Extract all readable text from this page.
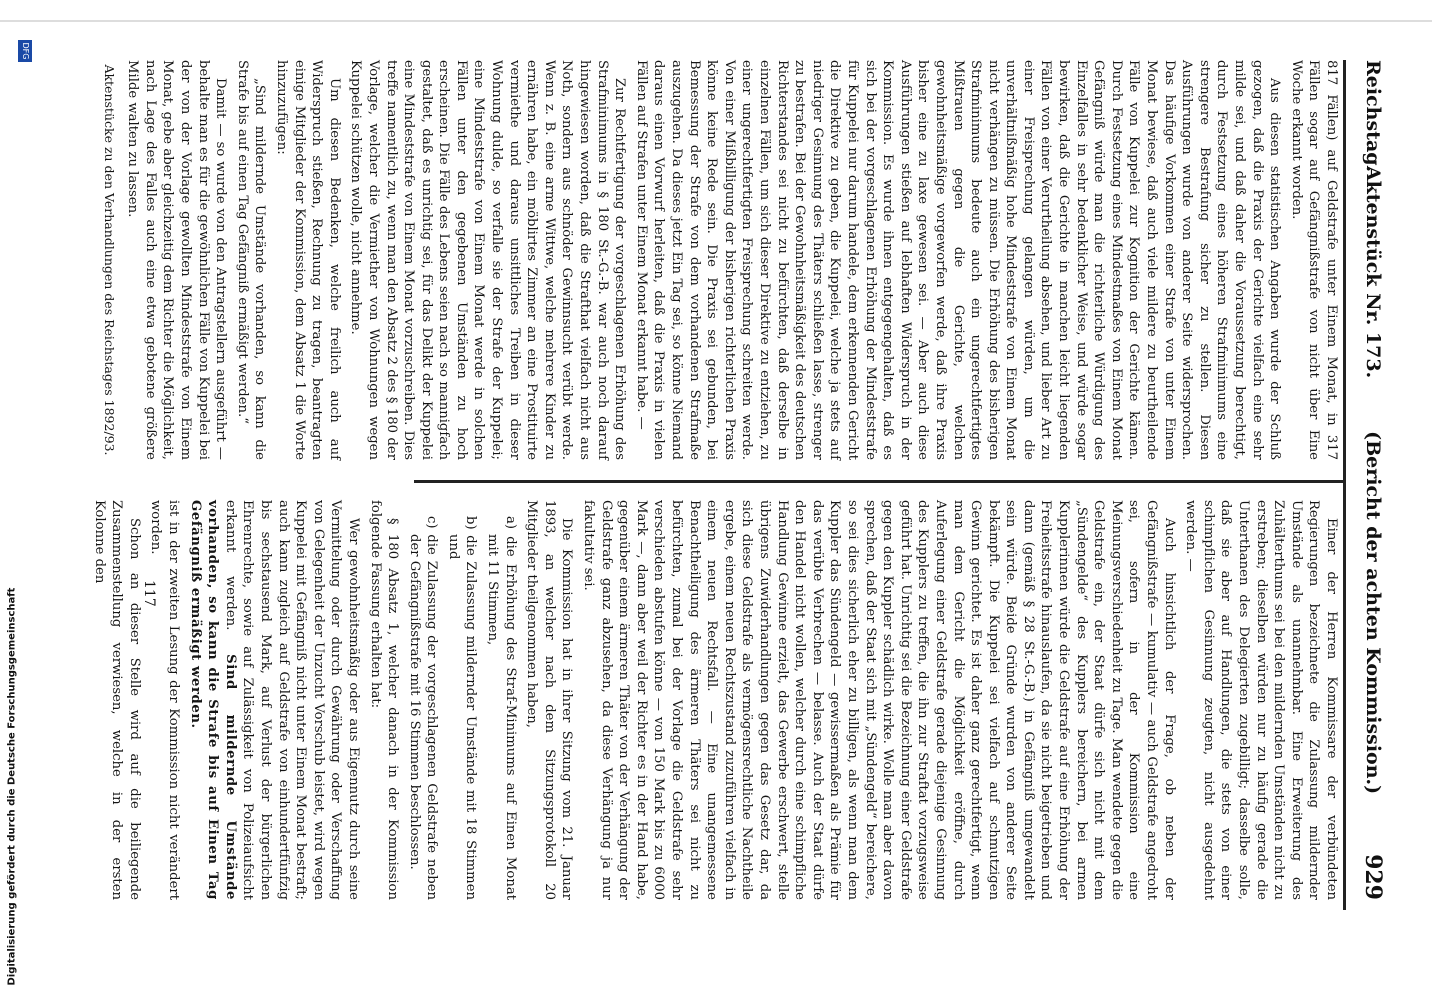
Reichstag.
Aktenstück Nr. 173.        (Bericht der achten Kommission.)
929

817 Fällen) auf Geldstrafe unter Einem Monat, in 317 Fällen sogar auf Gefängnißstrafe von nicht über Eine Woche erkannt worden.

Aus diesen statistischen Angaben wurde der Schluß gezogen, daß die Praxis der Gerichte vielfach eine sehr milde sei, und daß daher die Voraussetzung berechtigt, durch Festsetzung eines höheren Strafminimums eine strengere Bestrafung sicher zu stellen. Diesen Ausführungen wurde von anderer Seite widersprochen. Das häufige Vorkommen einer Strafe von unter Einem Monat bewiese, daß auch viele mildere zu beurtheilende Fälle von Kuppelei zur Kognition der Gerichte kämen. Durch Festsetzung eines Mindestmaßes von Einem Monat Gefängniß würde man die richterliche Würdigung des Einzelfalles in sehr bedenklicher Weise, und würde sogar bewirken, daß die Gerichte in manchen leicht liegenden Fällen von einer Verurtheilung absehen, und lieber Art zu einer Freisprechung gelangen würden, um die unverhältnißmäßig hohe Mindeststrafe von Einem Monat nicht verhängen zu müssen. Die Erhöhung des bisherigen Strafminimums bedeute auch ein ungerechtfertigtes Mißtrauen gegen die Gerichte, welchen gewohnheitsmäßige vorgeworfen werde, daß ihre Praxis bisher eine zu laxe gewesen sei. — Aber auch diese Ausführungen stießen auf lebhaften Widerspruch in der Kommission. Es wurde ihnen entgegengehalten, daß es sich bei der vorgeschlagenen Erhöhung der Mindeststrafe für Kuppelei nur darum handele, dem erkennenden Gericht die Direktive zu geben, die Kuppelei, welche ja stets auf niedriger Gesinnung des Thäters schließen lasse, strenger zu bestrafen. Bei der Gewohnheitsmäßigkeit des deutschen Richterstandes sei nicht zu befürchten, daß derselbe in einzelnen Fällen, um sich dieser Direktive zu entziehen, zu einer ungerechtfertigten Freisprechung schreiten werde. Von einer Mißbilligung der bisherigen richterlichen Praxis könne keine Rede sein. Die Praxis sei gebunden, bei Bemessung der Strafe von dem vorhandenen Strafmaße auszugehen. Da dieses jetzt Ein Tag sei, so könne Niemand daraus einen Vorwurf herleiten, daß die Praxis in vielen Fällen auf Strafen unter Einem Monat erkannt habe. —

Zur Rechtfertigung der vorgeschlagenen Erhöhung des Strafminimums in § 180 St.-G.-B. war auch noch darauf hingewiesen worden, daß die Strafthat vielfach nicht aus Noth, sondern aus schnöder Gewinnsucht verübt werde. Wenn z. B. eine arme Wittwe, welche mehrere Kinder zu ernähren habe, ein möblirtes Zimmer an eine Prostituirte vermiethe und daraus unsittliches Treiben in dieser Wohnung dulde, so verfalle sie der Strafe der Kuppelei; eine Mindeststrafe von Einem Monat werde in solchen Fällen unter den gegebenen Umständen zu hoch erscheinen. Die Fälle des Lebens seien nach so mannigfach gestaltet, daß es unrichtig sei, für das Delikt der Kuppelei eine Mindeststrafe von Einem Monat vorzuschreiben. Dies treffe namentlich zu, wenn man den Absatz 2 des § 180 der Vorlage, welcher die Vermiether von Wohnungen wegen Kuppelei schützen wolle, nicht annehme.

Um diesen Bedenken, welche freilich auch auf Widerspruch stießen, Rechnung zu tragen, beantragten einige Mitglieder der Kommission, dem Absatz 1 die Worte hinzuzufügen:

„Sind mildernde Umstände vorhanden, so kann die Strafe bis auf einen Tag Gefängniß ermäßigt werden.“

Damit — so wurde von den Antragstellern ausgeführt — behalte man es für die gewöhnlichen Fälle von Kuppelei bei der von der Vorlage gewollten Mindeststrafe von Einem Monat, gebe aber gleichzeitig dem Richter die Möglichkeit, nach Lage des Falles auch eine etwa gebotene größere Milde walten zu lassen.

Aktenstücke zu den Verhandlungen des Reichstages 1892/93.

Einer der Herren Kommissare der verbündeten Regierungen bezeichnete die Zulassung mildernder Umstände als unannehmbar. Eine Erweiterung des Zuhälterthums sei bei den mildernden Umständen nicht zu erstreben; dieselben würden nur zu häufig gerade die Unterthanen des Delegierten zugebilligt; dasselbe solle, daß sie aber auf Handlungen, die stets von einer schimpflichen Gesinnung zeugten, nicht ausgedehnt werden. —

Auch hinsichtlich der Frage, ob neben der Gefängnißstrafe — kumulativ — auch Geldstrafe angedroht sei, sofern in der Kommission eine Meinungsverschiedenheit zu Tage. Man wendete gegen die Geldstrafe ein, der Staat dürfe sich nicht mit dem „Sündengelde“ des Kupplers bereichern, bei armen Kupplerinnen würde die Geldstrafe auf eine Erhöhung der Freiheitsstrafe hinauslaufen, da sie nicht beigetrieben und dann (gemäß § 28 St.-G.-B.) in Gefängniß umgewandelt sein würde. Beide Gründe wurden von anderer Seite bekämpft. Die Kuppelei sei vielfach auf schmutzigen Gewinn gerichtet. Es ist daher ganz gerechtfertigt, wenn man dem Gericht die Möglichkeit eröffne, durch Auferlegung einer Geldstrafe gerade diejenige Gesinnung des Kupplers zu treffen, die ihn zur Straftat vorzugsweise geführt hat. Unrichtig sei die Bezeichnung einer Geldstrafe gegen den Kuppler schädlich wirke. Wolle man aber davon sprechen, daß der Staat sich mit „Sündengeld“ bereichere, so sei dies sicherlich eher zu billigen, als wenn man dem Kuppler das Sündengeld — gewissermaßen als Prämie für das verübte Verbrechen — belasse. Auch der Staat dürfe den Handel nicht wollen, welcher durch eine schimpfliche Handlung Gewinne erzielt, das Gewerbe erschwert, stelle übrigens Zuwiderhandlungen gegen das Gesetz dar, da sich diese Geldstrafe als vermögensrechtliche Nachtheile ergebe, einem neuen Rechtszustand zuzuführen vielfach in einem neuen Rechtsfall. — Eine unangemessene Benachtheiligung des ärmeren Thäters sei nicht zu befürchten, zumal bei der Vorlage die Geldstrafe sehr verschieden abstufen könne — von 150 Mark bis zu 6000 Mark —, dann aber weil der Richter es in der Hand habe, gegenüber einem ärmeren Thäter von der Verhängung der Geldstrafe ganz abzusehen, da diese Verhängung ja nur fakultativ sei.

Die Kommission hat in ihrer Sitzung vom 21. Januar 1893, an welcher nach dem Sitzungsprotokoll 20 Mitglieder theilgenommen haben,

a) die Erhöhung des Straf-Minimums auf Einen Monat mit 11 Stimmen,

b) die Zulassung mildernder Umstände mit 18 Stimmen und

c) die Zulassung der vorgeschlagenen Geldstrafe neben der Gefängnißstrafe mit 16 Stimmen beschlossen.

§ 180 Absatz 1, welcher danach in der Kommission folgende Fassung erhalten hat:

Wer gewohnheitsmäßig oder aus Eigennutz durch seine Vermittelung oder durch Gewährung oder Verschaffung von Gelegenheit der Unzucht Vorschub leistet, wird wegen Kuppelei mit Gefängniß nicht unter Einem Monat bestraft; auch kann zugleich auf Geldstrafe von einhundertfünfzig bis sechstausend Mark, auf Verlust der bürgerlichen Ehrenrechte, sowie auf Zulässigkeit von Polizeiaufsicht erkannt werden. Sind mildernde Umstände vorhanden, so kann die Strafe bis auf Einen Tag Gefängniß ermäßigt werden.

ist in der zweiten Lesung der Kommission nicht verändert worden.

Schon an dieser Stelle wird auf die beiliegende Zusammenstellung verwiesen, welche in der ersten Kolonne den

117
DFG
Digitalisierung gefördert durch die Deutsche Forschungsgemeinschaft
